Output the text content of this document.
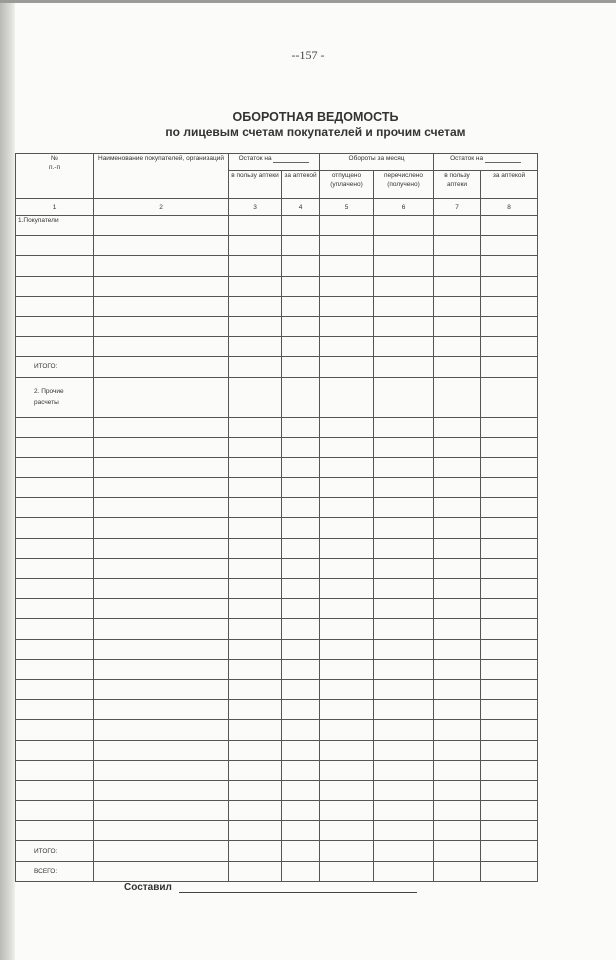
--157 -
ОБОРОТНАЯ ВЕДОМОСТЬ
по лицевым счетам покупателей и прочим счетам
№
п.-п	Наименование покупателей, организаций	Остаток на		Обороты за месяц		Остаток на	
		в пользу аптеки	за аптекой	отпущено (уплачено)	перечислено (получено)	в пользу аптеки	за аптекой
1	2	3	4	5	6	7	8
1.Покупатели							

ИТОГО:							
2. Прочие расчеты							

ИТОГО:							
ВСЕГО:							
Составил
